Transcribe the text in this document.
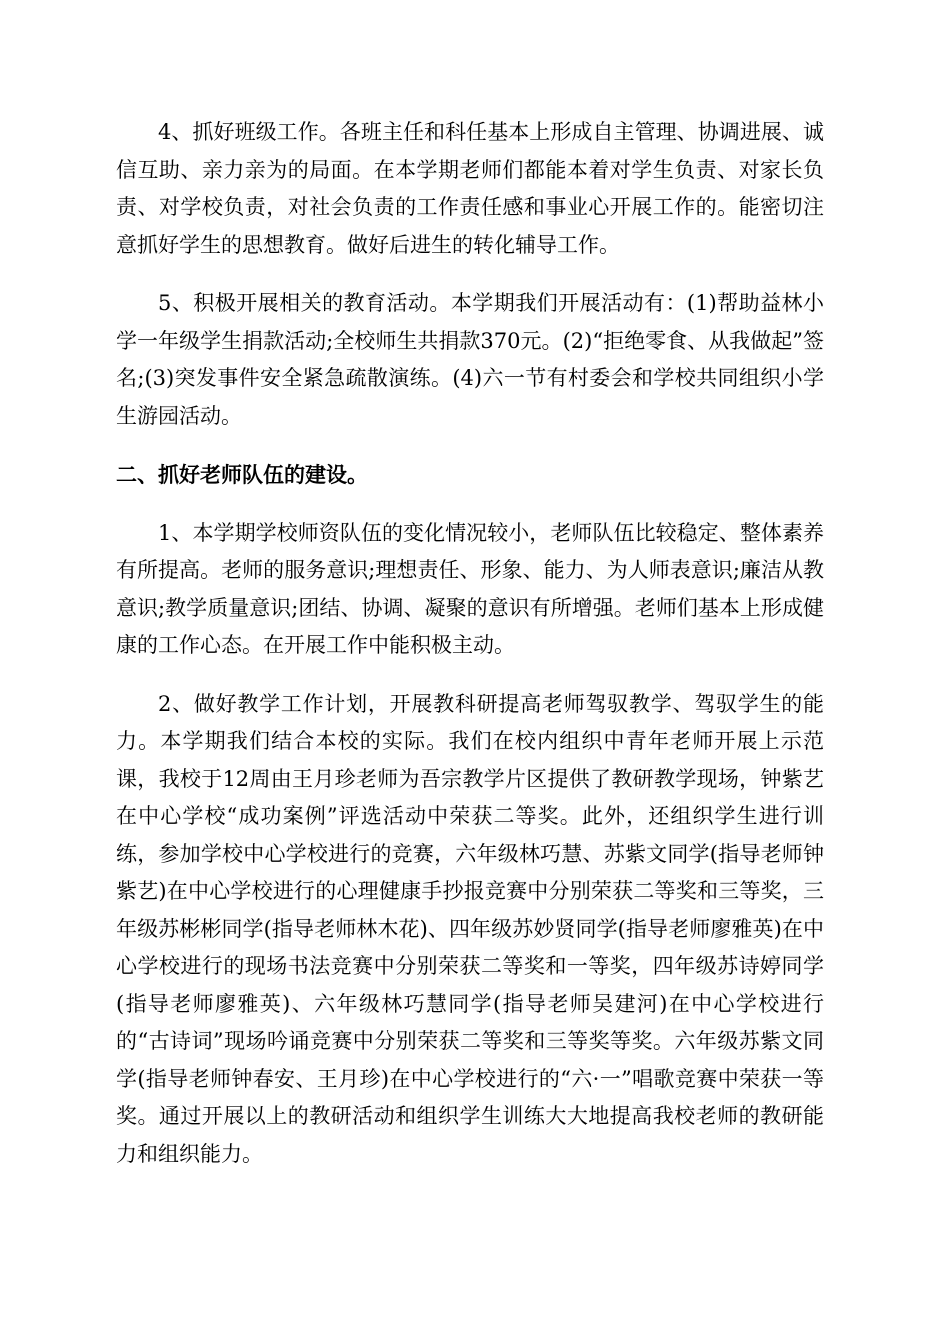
4、抓好班级工作。各班主任和科任基本上形成自主管理、协调进展、诚信互助、亲力亲为的局面。在本学期老师们都能本着对学生负责、对家长负责、对学校负责，对社会负责的工作责任感和事业心开展工作的。能密切注意抓好学生的思想教育。做好后进生的转化辅导工作。

5、积极开展相关的教育活动。本学期我们开展活动有：(1)帮助益林小学一年级学生捐款活动;全校师生共捐款370元。(2)“拒绝零食、从我做起”签名;(3)突发事件安全紧急疏散演练。(4)六一节有村委会和学校共同组织小学生游园活动。

二、抓好老师队伍的建设。

1、本学期学校师资队伍的变化情况较小，老师队伍比较稳定、整体素养有所提高。老师的服务意识;理想责任、形象、能力、为人师表意识;廉洁从教意识;教学质量意识;团结、协调、凝聚的意识有所增强。老师们基本上形成健康的工作心态。在开展工作中能积极主动。

2、做好教学工作计划，开展教科研提高老师驾驭教学、驾驭学生的能力。本学期我们结合本校的实际。我们在校内组织中青年老师开展上示范课，我校于12周由王月珍老师为吾宗教学片区提供了教研教学现场，钟紫艺在中心学校“成功案例”评选活动中荣获二等奖。此外，还组织学生进行训练，参加学校中心学校进行的竞赛，六年级林巧慧、苏紫文同学(指导老师钟紫艺)在中心学校进行的心理健康手抄报竞赛中分别荣获二等奖和三等奖，三年级苏彬彬同学(指导老师林木花)、四年级苏妙贤同学(指导老师廖雅英)在中心学校进行的现场书法竞赛中分别荣获二等奖和一等奖，四年级苏诗婷同学(指导老师廖雅英)、六年级林巧慧同学(指导老师吴建河)在中心学校进行的“古诗词”现场吟诵竞赛中分别荣获二等奖和三等奖等奖。六年级苏紫文同学(指导老师钟春安、王月珍)在中心学校进行的“六·一”唱歌竞赛中荣获一等奖。通过开展以上的教研活动和组织学生训练大大地提高我校老师的教研能力和组织能力。
